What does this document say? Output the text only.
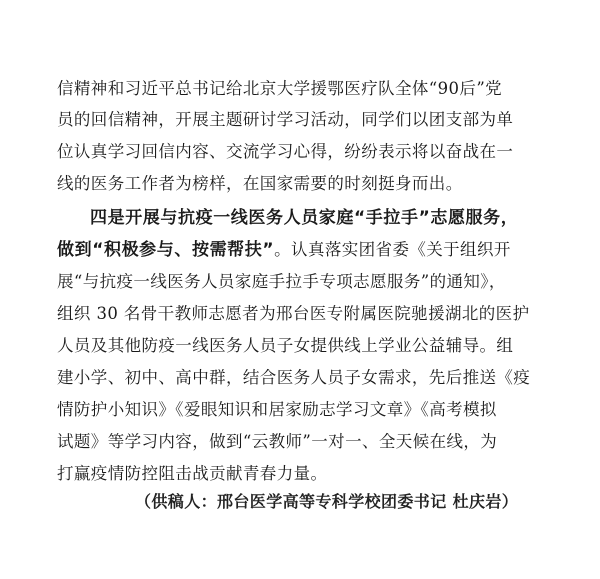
信精神和习近平总书记给北京大学援鄂医疗队全体“90后”党
员的回信精神，开展主题研讨学习活动，同学们以团支部为单
位认真学习回信内容、交流学习心得，纷纷表示将以奋战在一
线的医务工作者为榜样，在国家需要的时刻挺身而出。
四是开展与抗疫一线医务人员家庭“手拉手”志愿服务，
做到“积极参与、按需帮扶”。认真落实团省委《关于组织开
展“与抗疫一线医务人员家庭手拉手专项志愿服务”的通知》，
组织 30 名骨干教师志愿者为邢台医专附属医院驰援湖北的医护
人员及其他防疫一线医务人员子女提供线上学业公益辅导。组
建小学、初中、高中群，结合医务人员子女需求，先后推送《疫
情防护小知识》《爱眼知识和居家励志学习文章》《高考模拟
试题》等学习内容，做到“云教师”一对一、全天候在线，为
打赢疫情防控阻击战贡献青春力量。
（供稿人：邢台医学高等专科学校团委书记 杜庆岩）
